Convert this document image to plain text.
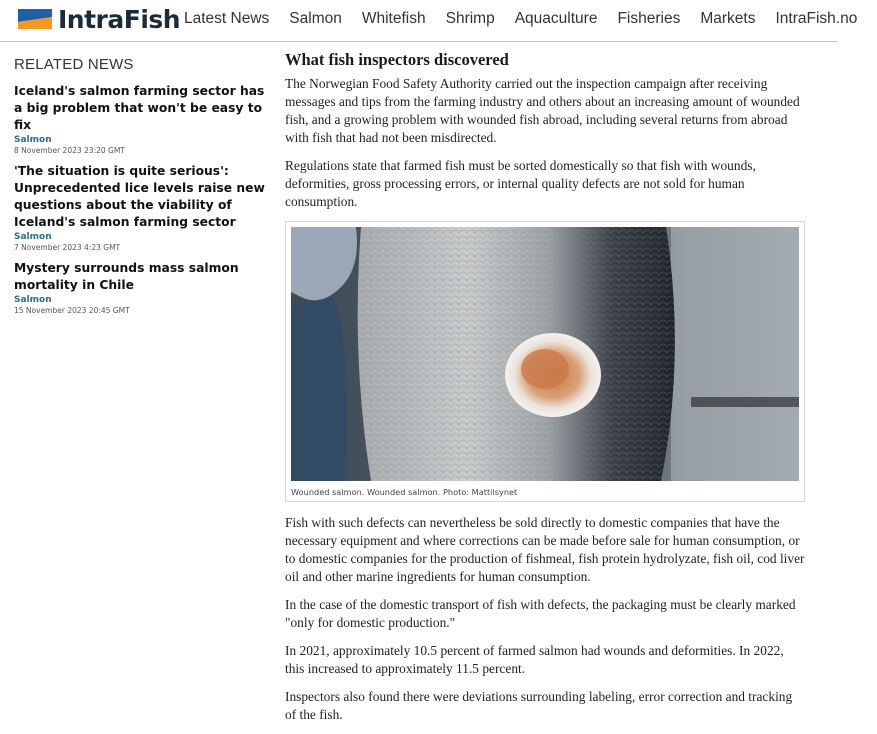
IntraFish Latest News Salmon Whitefish Shrimp Aquaculture Fisheries Markets IntraFish.no
RELATED NEWS
Iceland's salmon farming sector has a big problem that won't be easy to fix
Salmon
8 November 2023 23:20 GMT
'The situation is quite serious': Unprecedented lice levels raise new questions about the viability of Iceland's salmon farming sector
Salmon
7 November 2023 4:23 GMT
Mystery surrounds mass salmon mortality in Chile
Salmon
15 November 2023 20:45 GMT
What fish inspectors discovered

The Norwegian Food Safety Authority carried out the inspection campaign after receiving messages and tips from the farming industry and others about an increasing amount of wounded fish, and a growing problem with wounded fish abroad, including several returns from abroad with fish that had not been misdirected.

Regulations state that farmed fish must be sorted domestically so that fish with wounds, deformities, gross processing errors, or internal quality defects are not sold for human consumption.

Wounded salmon. Wounded salmon. Photo: Mattilsynet

Fish with such defects can nevertheless be sold directly to domestic companies that have the necessary equipment and where corrections can be made before sale for human consumption, or to domestic companies for the production of fishmeal, fish protein hydrolyzate, fish oil, cod liver oil and other marine ingredients for human consumption.

In the case of the domestic transport of fish with defects, the packaging must be clearly marked "only for domestic production."

In 2021, approximately 10.5 percent of farmed salmon had wounds and deformities. In 2022, this increased to approximately 11.5 percent.

Inspectors also found there were deviations surrounding labeling, error correction and tracking of the fish.
